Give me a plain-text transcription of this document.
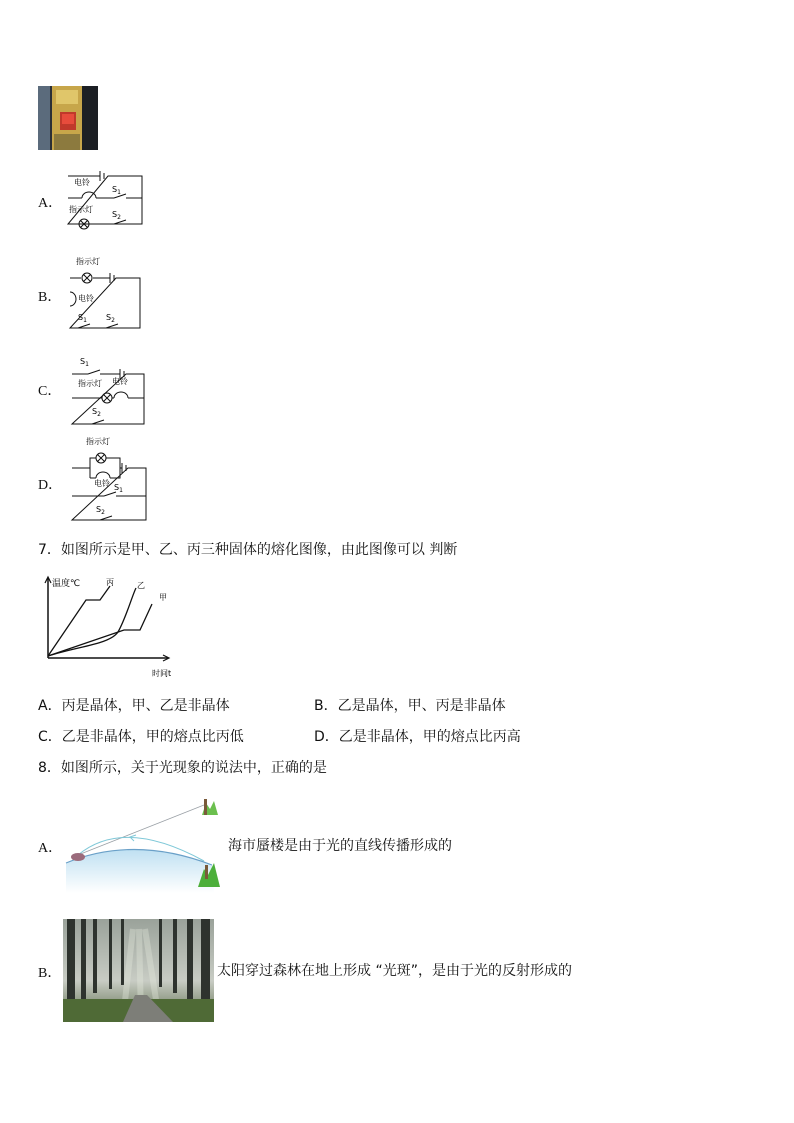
A．
电铃
$S_1$
指示灯
$S_2$
B．
指示灯
电铃
$S_1$ $S_2$
C．
$S_1$
指示灯 电铃
$S_2$
D．
指示灯
电铃 $S_1$
$S_2$
7．如图所示是甲、乙、丙三种固体的熔化图像，由此图像可以 判断
温度℃	丙	乙
甲
时间t
A．丙是晶体，甲、乙是非晶体	B．乙是晶体，甲、丙是非晶体
C．乙是非晶体，甲的熔点比丙低	D．乙是非晶体，甲的熔点比丙高
8．如图所示，关于光现象的说法中，正确的是
A．	海市蜃楼是由于光的直线传播形成的
B．	太阳穿过森林在地上形成 “光斑”，是由于光的反射形成的
